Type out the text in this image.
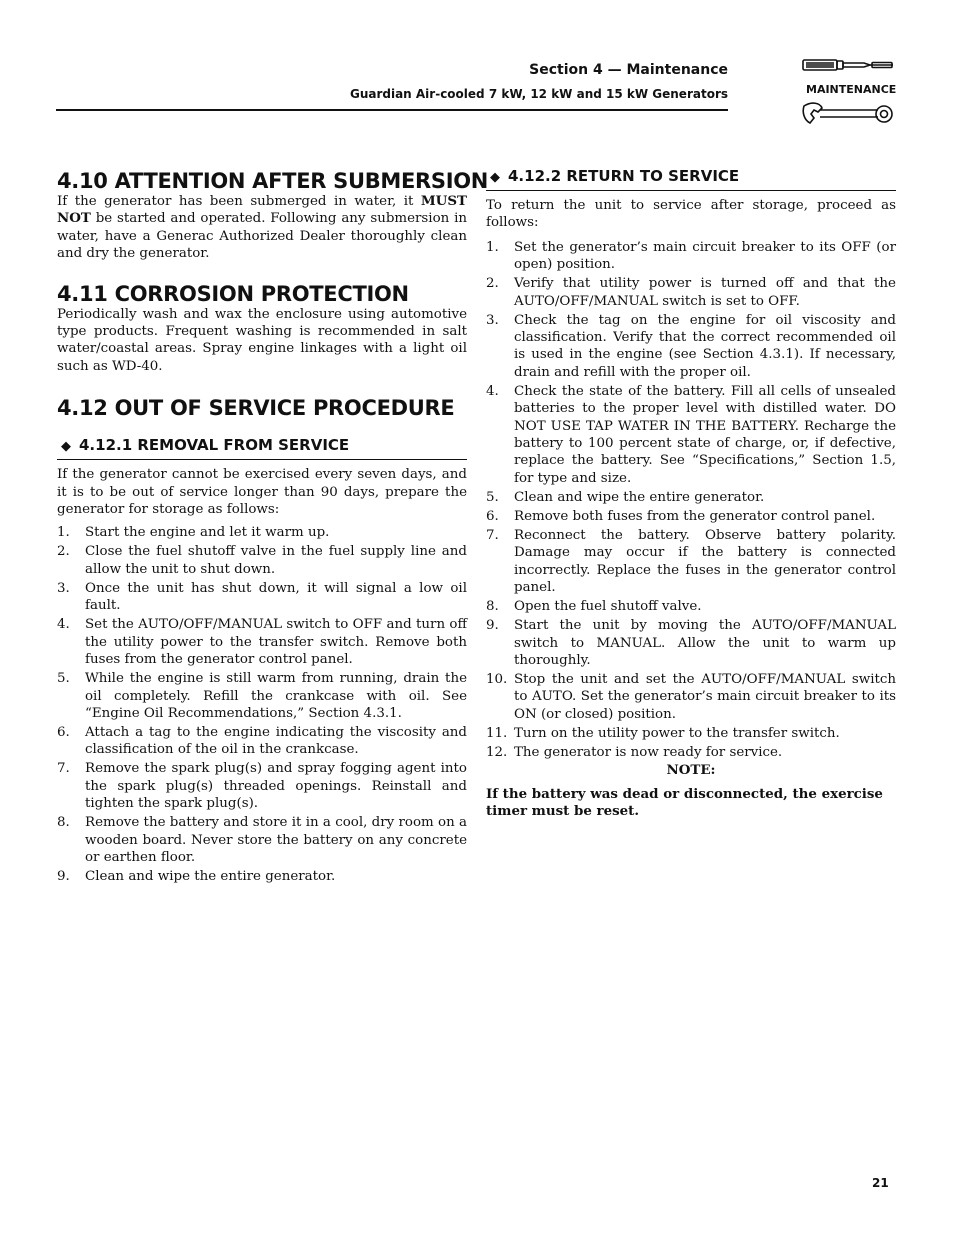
Section 4 — Maintenance
Guardian Air-cooled 7 kW, 12 kW and 15 kW Generators	MAINTENANCE
4.10 ATTENTION AFTER SUBMERSION

If the generator has been submerged in water, it MUST NOT be started and operated. Following any submersion in water, have a Generac Authorized Dealer thoroughly clean and dry the generator.

4.11 CORROSION PROTECTION

Periodically wash and wax the enclosure using automotive type products. Frequent washing is recommended in salt water/coastal areas. Spray engine linkages with a light oil such as WD-40.

4.12 OUT OF SERVICE PROCEDURE
◆ 4.12.1 REMOVAL FROM SERVICE

If the generator cannot be exercised every seven days, and it is to be out of service longer than 90 days, prepare the generator for storage as follows:

1. Start the engine and let it warm up.
2. Close the fuel shutoff valve in the fuel supply line and allow the unit to shut down.
3. Once the unit has shut down, it will signal a low oil fault.
4. Set the AUTO/OFF/MANUAL switch to OFF and turn off the utility power to the transfer switch. Remove both fuses from the generator control panel.
5. While the engine is still warm from running, drain the oil completely. Refill the crankcase with oil. See “Engine Oil Recommendations,” Section 4.3.1.
6. Attach a tag to the engine indicating the viscosity and classification of the oil in the crankcase.
7. Remove the spark plug(s) and spray fogging agent into the spark plug(s) threaded openings. Reinstall and tighten the spark plug(s).
8. Remove the battery and store it in a cool, dry room on a wooden board. Never store the battery on any concrete or earthen floor.
9. Clean and wipe the entire generator.
◆ 4.12.2 RETURN TO SERVICE

To return the unit to service after storage, proceed as follows:

1. Set the generator’s main circuit breaker to its OFF (or open) position.
2. Verify that utility power is turned off and that the AUTO/OFF/MANUAL switch is set to OFF.
3. Check the tag on the engine for oil viscosity and classification. Verify that the correct recommended oil is used in the engine (see Section 4.3.1). If necessary, drain and refill with the proper oil.
4. Check the state of the battery. Fill all cells of unsealed batteries to the proper level with distilled water. DO NOT USE TAP WATER IN THE BATTERY. Recharge the battery to 100 percent state of charge, or, if defective, replace the battery. See “Specifications,” Section 1.5, for type and size.
5. Clean and wipe the entire generator.
6. Remove both fuses from the generator control panel.
7. Reconnect the battery. Observe battery polarity. Damage may occur if the battery is connected incorrectly. Replace the fuses in the generator control panel.
8. Open the fuel shutoff valve.
9. Start the unit by moving the AUTO/OFF/MANUAL switch to MANUAL. Allow the unit to warm up thoroughly.
10. Stop the unit and set the AUTO/OFF/MANUAL switch to AUTO. Set the generator’s main circuit breaker to its ON (or closed) position.
11. Turn on the utility power to the transfer switch.
12. The generator is now ready for service.
NOTE:
If the battery was dead or disconnected, the exercise timer must be reset.
21
